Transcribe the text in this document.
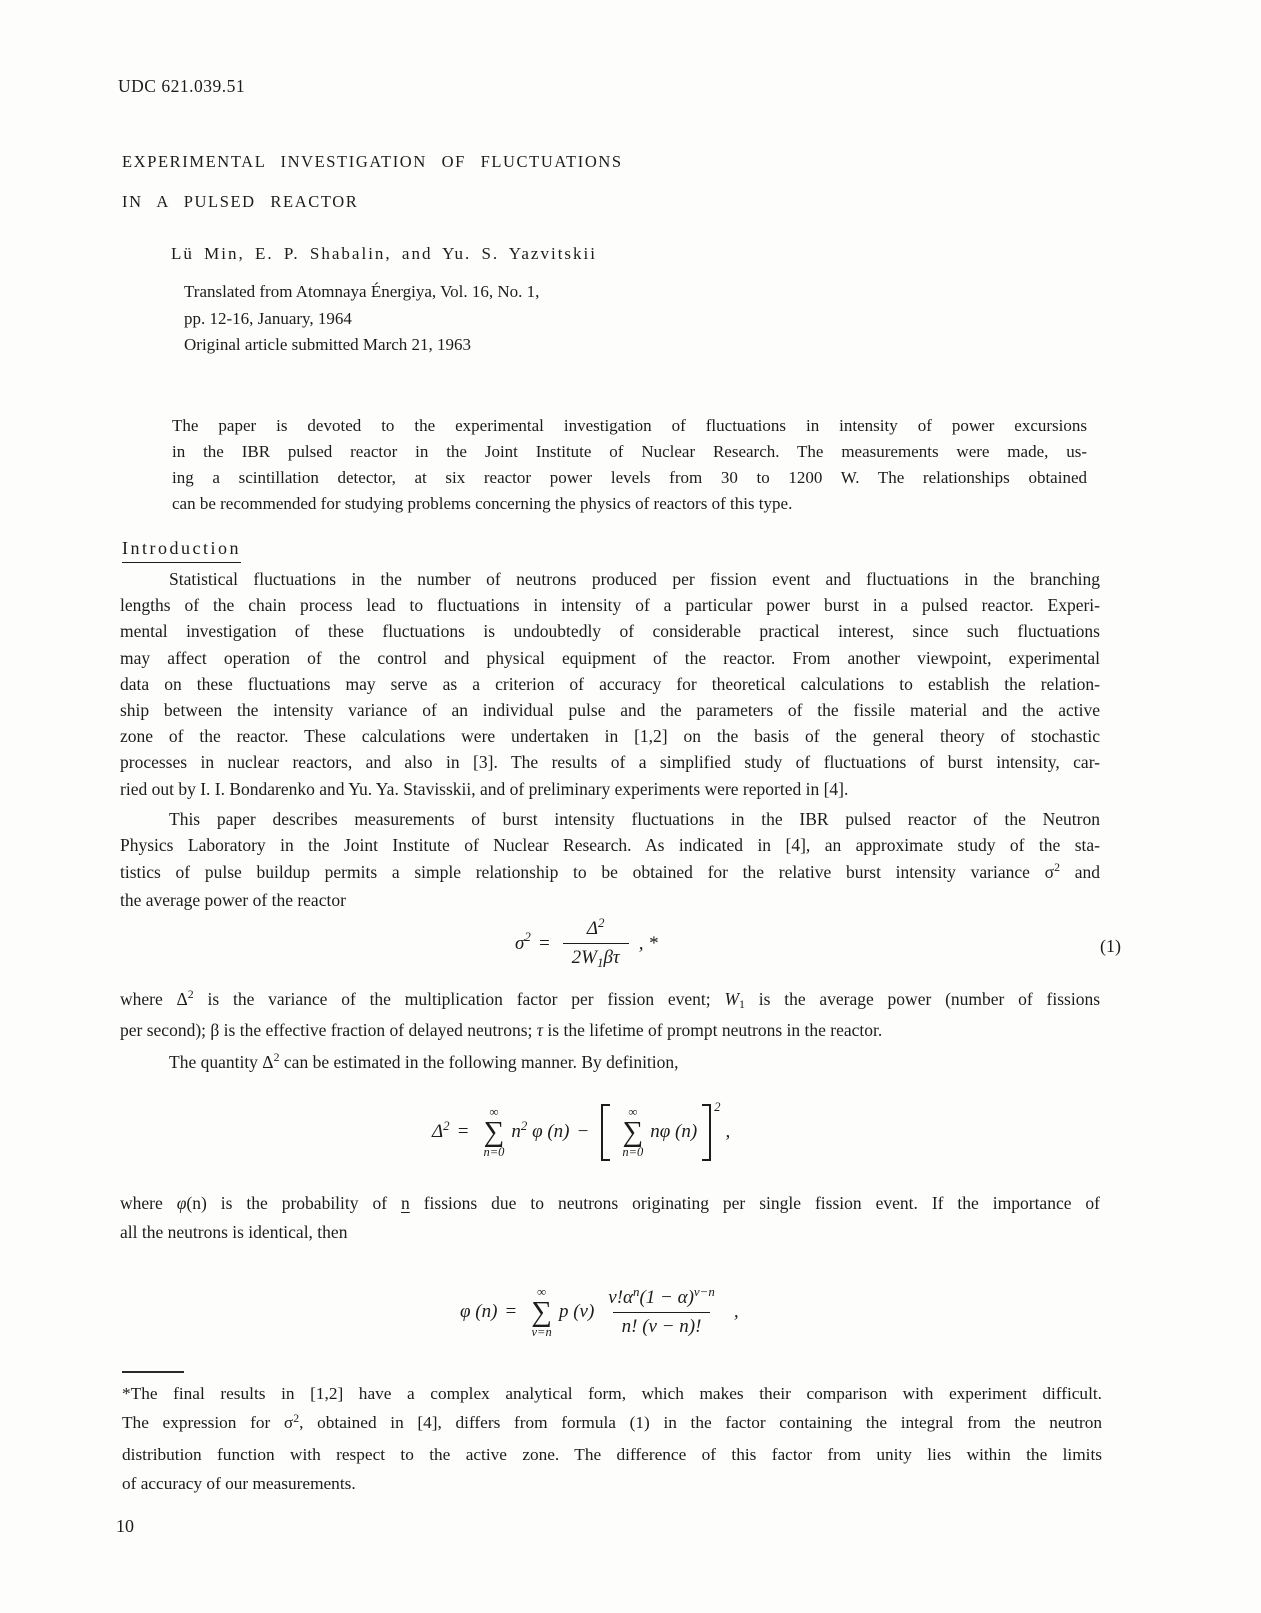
UDC 621.039.51
EXPERIMENTAL INVESTIGATION OF FLUCTUATIONS
IN A PULSED REACTOR
Lü Min, E. P. Shabalin, and Yu. S. Yazvitskii
Translated from Atomnaya Énergiya, Vol. 16, No. 1,
pp. 12-16, January, 1964
Original article submitted March 21, 1963
The paper is devoted to the experimental investigation of fluctuations in intensity of power excursions
in the IBR pulsed reactor in the Joint Institute of Nuclear Research. The measurements were made, us-
ing a scintillation detector, at six reactor power levels from 30 to 1200 W. The relationships obtained
can be recommended for studying problems concerning the physics of reactors of this type.
Introduction
Statistical fluctuations in the number of neutrons produced per fission event and fluctuations in the branching
lengths of the chain process lead to fluctuations in intensity of a particular power burst in a pulsed reactor. Experi-
mental investigation of these fluctuations is undoubtedly of considerable practical interest, since such fluctuations
may affect operation of the control and physical equipment of the reactor. From another viewpoint, experimental
data on these fluctuations may serve as a criterion of accuracy for theoretical calculations to establish the relation-
ship between the intensity variance of an individual pulse and the parameters of the fissile material and the active
zone of the reactor. These calculations were undertaken in [1,2] on the basis of the general theory of stochastic
processes in nuclear reactors, and also in [3]. The results of a simplified study of fluctuations of burst intensity, car-
ried out by I. I. Bondarenko and Yu. Ya. Stavisskii, and of preliminary experiments were reported in [4].
This paper describes measurements of burst intensity fluctuations in the IBR pulsed reactor of the Neutron
Physics Laboratory in the Joint Institute of Nuclear Research. As indicated in [4], an approximate study of the sta-
tistics of pulse buildup permits a simple relationship to be obtained for the relative burst intensity variance $\sigma^2$ and
the average power of the reactor
$\sigma^2 = \frac{\Delta^2}{2W_1\beta\tau}$ , *	(1)
where $\Delta^2$ is the variance of the multiplication factor per fission event; $W_1$ is the average power (number of fissions
per second); β is the effective fraction of delayed neutrons; τ is the lifetime of prompt neutrons in the reactor.
The quantity $\Delta^2$ can be estimated in the following manner. By definition,
$\Delta^2$ =
∞
∑
n=0
$n^2$ φ (n) −
∞
∑
n=0
nφ (n)
$^2$
,
where φ(n) is the probability of n fissions due to neutrons originating per single fission event. If the importance of
all the neutrons is identical, then
φ (n) =
∞
∑
ν=n
p $(\nu) \frac{\nu!\alpha^n(1 - \alpha)^{\nu-n}}{n! (\nu - n)!}$ ,
*The final results in [1,2] have a complex analytical form, which makes their comparison with experiment difficult.
The expression for $\sigma^2$, obtained in [4], differs from formula (1) in the factor containing the integral from the neutron
distribution function with respect to the active zone. The difference of this factor from unity lies within the limits
of accuracy of our measurements.
10
